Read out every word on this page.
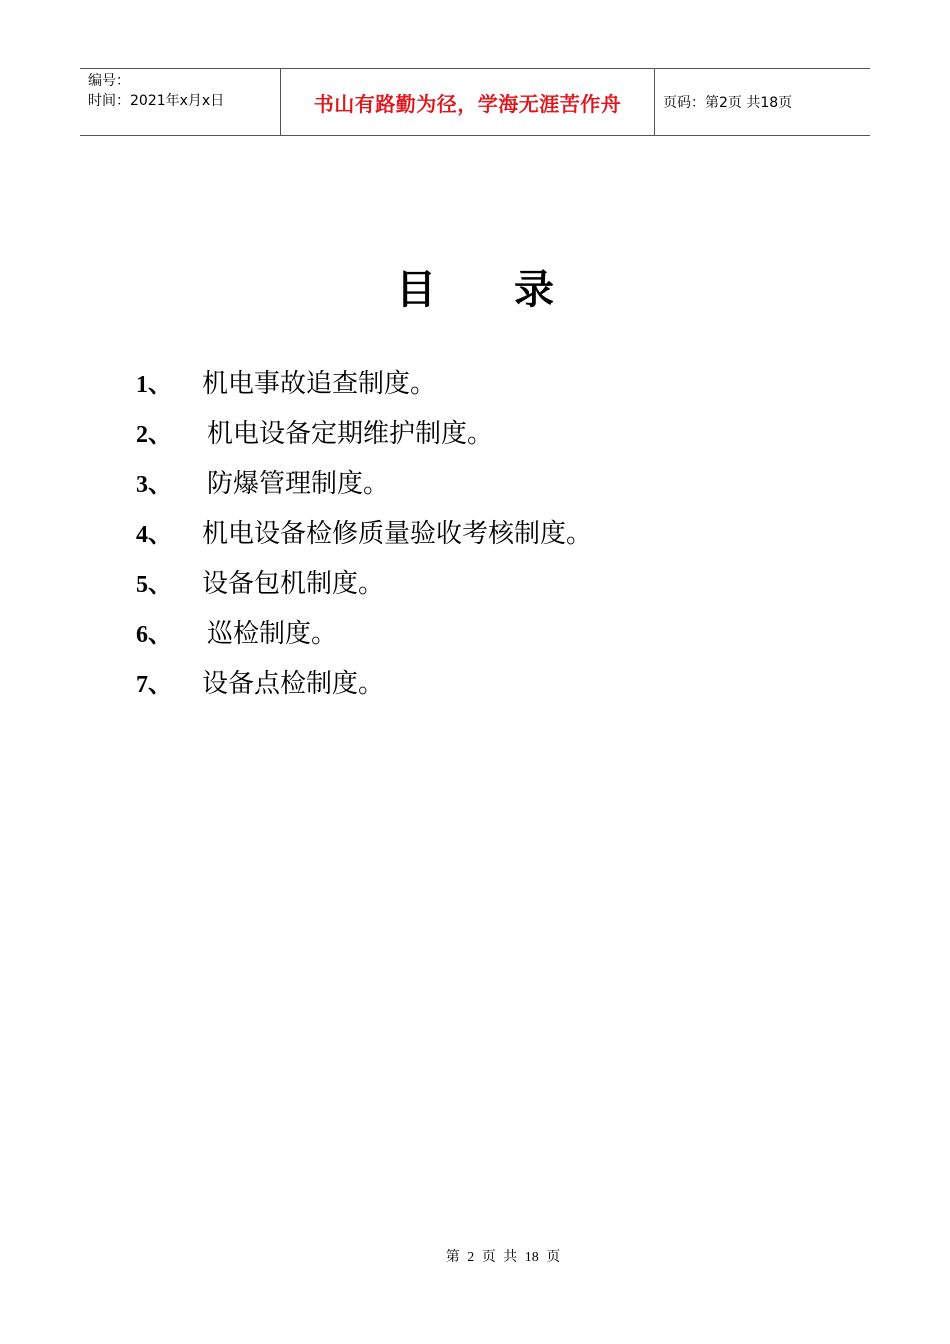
编号：
时间：2021年x月x日	书山有路勤为径，学海无涯苦作舟	页码：第2页 共18页
目录
1、 机电事故追查制度。
2、 机电设备定期维护制度。
3、 防爆管理制度。
4、 机电设备检修质量验收考核制度。
5、 设备包机制度。
6、 巡检制度。
7、 设备点检制度。
第 2 页 共 18 页
